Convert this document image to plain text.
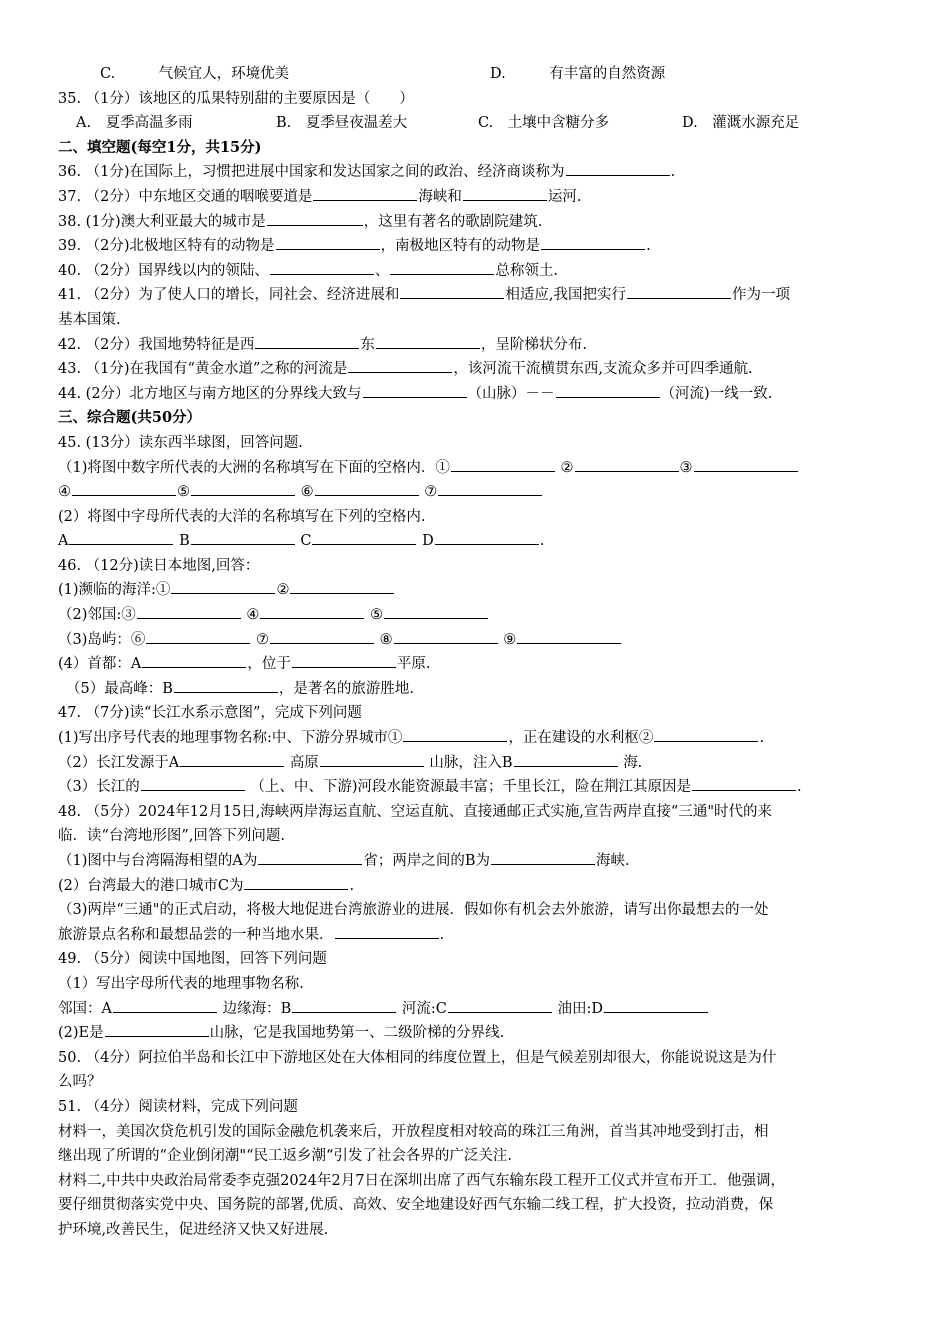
C.　　　气候宜人，环境优美	D.　　　有丰富的自然资源
35. （1分）该地区的瓜果特别甜的主要原因是（　　）
A.　夏季高温多雨	B.　夏季昼夜温差大	C.　土壤中含糖分多	D.　灌溉水源充足
二、填空题(每空1分，共15分)
36. （1分)在国际上，习惯把进展中国家和发达国家之间的政治、经济商谈称为	.
37. （2分）中东地区交通的咽喉要道是	海峡和	运河.
38. (1分)澳大利亚最大的城市是	，这里有著名的歌剧院建筑.
39. （2分)北极地区特有的动物是	，南极地区特有的动物是	.
40. （2分）国界线以内的领陆、	、	总称领土.
41. （2分）为了使人口的增长，同社会、经济进展和	相适应,我国把实行	作为一项
基本国策.
42. （2分）我国地势特征是西	东	，呈阶梯状分布.
43. （1分)在我国有“黄金水道”之称的河流是	，该河流干流横贯东西,支流众多并可四季通航.
44. (2分）北方地区与南方地区的分界线大致与	（山脉）－－	（河流)一线一致.
三、综合题(共50分）
45. (13分）读东西半球图，回答问题.
（1)将图中数字所代表的大洲的名称填写在下面的空格内．①	②	③
④	⑤	⑥	⑦
(2）将图中字母所代表的大洋的名称填写在下列的空格内.
A	B	C	D	.
46. （12分)读日本地图,回答：
(1)濒临的海洋:①	②
（2)邻国:③	④	⑤
（3)岛屿：⑥	⑦	⑧	⑨
(4）首都：A	，位于	平原.
（5）最高峰：B	，是著名的旅游胜地.
47. （7分)读“长江水系示意图”，完成下列问题
(1)写出序号代表的地理事物名称:中、下游分界城市①	，正在建设的水利枢②	.
（2）长江发源于A	高原	山脉，注入B	海.
（3）长江的	（上、中、下游)河段水能资源最丰富；千里长江，险在荆江其原因是	.
48. （5分）2024年12月15日,海峡两岸海运直航、空运直航、直接通邮正式实施,宣告两岸直接“三通"时代的来
临．读“台湾地形图”,回答下列问题.
（1)图中与台湾隔海相望的A为	省；两岸之间的B为	海峡.
(2）台湾最大的港口城市C为	.
（3)两岸“三通"的正式启动，将极大地促进台湾旅游业的进展．假如你有机会去外旅游，请写出你最想去的一处
旅游景点名称和最想品尝的一种当地水果．	.
49. （5分）阅读中国地图，回答下列问题
（1）写出字母所代表的地理事物名称.
邻国：A	边缘海：B	河流:C	油田:D
(2)E是	山脉，它是我国地势第一、二级阶梯的分界线.
50. （4分）阿拉伯半岛和长江中下游地区处在大体相同的纬度位置上，但是气候差别却很大，你能说说这是为什
么吗？
51. （4分）阅读材料，完成下列问题
材料一，美国次贷危机引发的国际金融危机袭来后，开放程度相对较高的珠江三角洲，首当其冲地受到打击，相
继出现了所谓的“企业倒闭潮"“民工返乡潮“引发了社会各界的广泛关注.
材料二,中共中央政治局常委李克强2024年2月7日在深圳出席了西气东输东段工程开工仪式并宣布开工．他强调，
要仔细贯彻落实党中央、国务院的部署,优质、高效、安全地建设好西气东输二线工程，扩大投资，拉动消费，保
护环境,改善民生，促进经济又快又好进展.
